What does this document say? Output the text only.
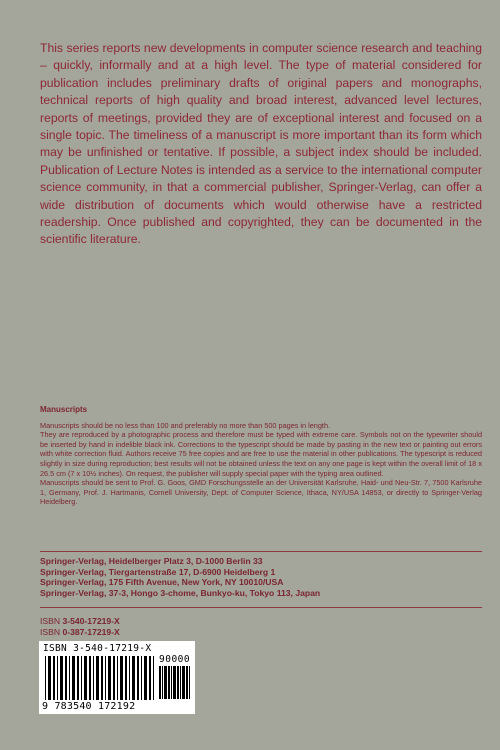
This series reports new developments in computer science research and teaching – quickly, informally and at a high level. The type of material considered for publication includes preliminary drafts of original papers and monographs, technical reports of high quality and broad interest, advanced level lectures, reports of meetings, provided they are of exceptional interest and focused on a single topic. The timeliness of a manuscript is more important than its form which may be unfinished or tentative. If possible, a subject index should be included. Publication of Lecture Notes is intended as a service to the international computer science community, in that a commercial publisher, Springer-Verlag, can offer a wide distribution of documents which would otherwise have a restricted readership. Once published and copyrighted, they can be documented in the scientific literature.
Manuscripts

Manuscripts should be no less than 100 and preferably no more than 500 pages in length.

They are reproduced by a photographic process and therefore must be typed with extreme care. Symbols not on the typewriter should be inserted by hand in indelible black ink. Corrections to the typescript should be made by pasting in the new text or painting out errors with white correction fluid. Authors receive 75 free copies and are free to use the material in other publications. The typescript is reduced slightly in size during reproduction; best results will not be obtained unless the text on any one page is kept within the overall limit of 18 x 26.5 cm (7 x 10½ inches). On request, the publisher will supply special paper with the typing area outlined.

Manuscripts should be sent to Prof. G. Goos, GMD Forschungsstelle an der Universität Karlsruhe, Haid- und Neu-Str. 7, 7500 Karlsruhe 1, Germany, Prof. J. Hartmanis, Cornell University, Dept. of Computer Science, Ithaca, NY/USA 14853, or directly to Springer-Verlag Heidelberg.

Springer-Verlag, Heidelberger Platz 3, D-1000 Berlin 33
Springer-Verlag, Tiergartenstraße 17, D-6900 Heidelberg 1
Springer-Verlag, 175 Fifth Avenue, New York, NY 10010/USA
Springer-Verlag, 37-3, Hongo 3-chome, Bunkyo-ku, Tokyo 113, Japan
ISBN 3-540-17219-X
ISBN 0-387-17219-X
ISBN 3-540-17219-X
90000
9 783540 172192
